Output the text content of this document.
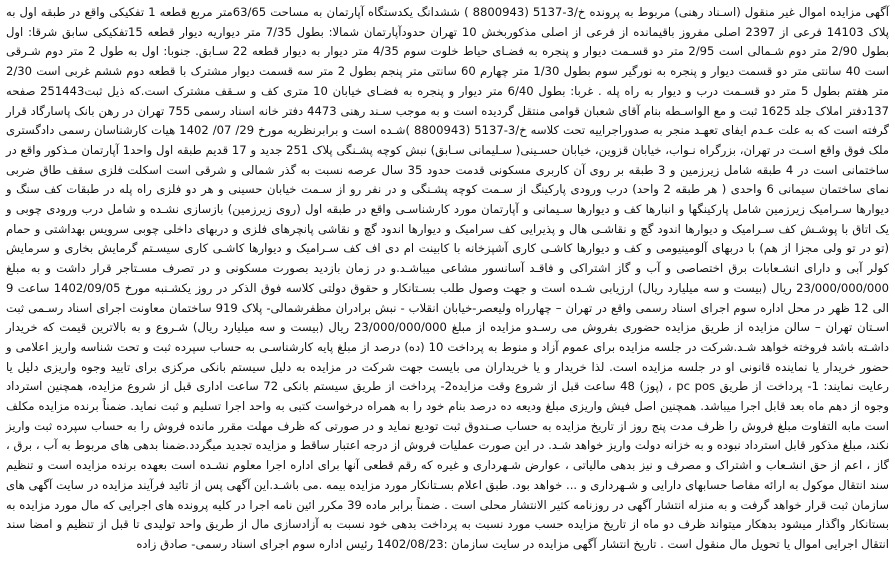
آگهی مزایده اموال غیر منقول (اسـناد رهنی) مربوط به پرونده خ/3-5137 (8800943 ) ششدانگ یکدستگاه آپارتمان به مساحت 63/65متر مربع قطعه 1 تفکیکی واقع در طبقه اول به پلاک 14103 فرعی از 2397 اصلی مفروز باقیمانده از فرعی از اصلی مذکوربخش 10 تهران حدودآپارتمان شمالا: بطول 7/35 متر دیواریه دیوار قطعه 15تفکیکی سابق شرقا: اول بطول 2/90 متر دوم شـمالی است 2/95 متر دو قسـمت دیوار و پنجره به فضـای حیاط خلوت سوم 4/35 متر دیوار به دیوار قطعه 22 سـابق. جنوبا: اول به طول 2 متر دوم شـرقی است 40 سانتی متر دو قسمت دیوار و پنجره به نورگیر سوم بطول 1/30 متر چهارم 60 سانتی متر پنجم بطول 2 متر سه قسمت دیوار مشترک با قطعه دوم ششم غربی است 2/30 متر هفتم بطول 5 متر دو قسـمت درب و دیوار به راه پله . غربا: بطول 6/40 متر دیوار و پنجره به فضـای خیابان 10 متری کف و سـقف مشترک است.که ذیل ثبت251443 صفحه 137دفتر املاک جلد 1625 ثبت و مع الواسـطه بنام آقای شعبان قوامی منتقل گردیده است و به موجب سـند رهنی 4473 دفتر خانه اسناد رسمی 755 تهران در رهن بانک پاسارگاد قرار گرفته است که به علت عـدم ایفای تعهـد منجر به صدوراجراییه تحت کلاسه خ/3-5137 (8800943 )شـده است و برابرنظریه مورخ 29/ 07/ 1402 هیات کارشناسان رسمی دادگستری ملک فوق واقع اسـت در تهران، بزرگراه نـواب، خیابان قزوین، خیابان حسـینی( سـلیمانی سـابق) نبش کوچه پشـنگی پلاک 251 جدید و 17 قدیم طبقه اول واحد1 آپارتمان مـذکور واقع در ساختمانی است در 4 طبقه شامل زیرزمین و 3 طبقه بر روی آن کاربری مسکونی قدمت حدود 35 سال عرصه نسبت به گذر شمالی و شرقی است اسکلت فلزی سقف طاق ضربی نمای ساختمان سیمانی 6 واحدی ( هر طبقه 2 واحد) درب ورودی پارکینگ از سـمت کوچه پشـنگی و در نفر رو از سـمت خیابان حسینی و هر دو فلزی راه پله در طبقات کف سنگ و دیوارها سـرامیک زیرزمین شامل پارکینگها و انبارها کف و دیوارها سـیمانی و آپارتمان مورد کارشناسـی واقع در طبقه اول (روی زیرزمین) بازسازی نشـده و شامل درب ورودی چوبی و یک اتاق با پوشـش کف سـرامیک و دیوارها اندود گچ و نقاشـی هال و پذیرایی کف سرامیک و دیوارها اندود گچ و نقاشی پانچرهای فلزی و دربهای داخلی چوبی سرویس بهداشتی و حمام (تو در تو ولی مجزا از هم) با دربهای آلومینیومی و کف و دیوارها کاشـی کاری آشپزخانه با کابینت ام دی اف کف سـرامیک و دیوارها کاشـی کاری سیسـتم گرمایش بخاری و سرمایش کولر آبی و دارای انشـعابات برق اختصاصی و آب و گاز اشتراکی و فاقـد آسانسور مشاعی میباشـد.و در زمان بازدید بصورت مسکونی و در تصرف مسـتاجر قرار داشت و به مبلغ 23/000/000/000 ریال (بیست و سه میلیارد ریال) ارزیابی شـده است و جهت وصول طلب بسـتانکار و حقوق دولتی کلاسه فوق الذکر در روز یکشـنبه مورخ 1402/09/05 ساعت 9 الی 12 ظهر در محل اداره سوم اجرای اسناد رسمی واقع در تهران – چهارراه ولیعصر-خیابان انقلاب - نبش برادران مظفرشمالی- پلاک 919 ساختمان معاونت اجرای اسناد رسـمی ثبت اسـتان تهران – سالن مزایده از طریق مزایده حضوری بفروش می رسـدو مزایده از مبلغ 23/000/000/000 ریال (بیست و سه میلیارد ریال) شـروع و به بالاترین قیمت که خریدار داشـته باشد فروخته خواهد شـد.شرکت در جلسه مزایده برای عموم آزاد و منوط به پرداخت 10 (ده) درصد از مبلغ پایه کارشناسـی به حساب سپرده ثبت و تحت شناسه واریز اعلامی و حضور خریدار یا نماینده قانونی او در جلسه مزایده است. لذا خریدار و یا خریداران می بایست جهت شرکت در مزایده به دلیل سیستم بانکی مرکزی برای تایید وجوه واریزی دلیل یا رعایت نمایند: 1- پرداخت از طریق pc pos ، (پوز) 48 ساعت قبل از شروع وقت مزایده2- پرداخت از طریق سیستم بانکی 72 ساعت اداری قبل از شروع مزایده، همچنین استرداد وجوه از دهم ماه بعد قابل اجرا میباشد. همچنین اصل فیش واریزی مبلغ ودیعه ده درصد بنام خود را به همراه درخواست کتبی به واحد اجرا تسلیم و ثبت نماید. ضمناً برنده مزایده مکلف است مابه التفاوت مبلغ فروش را ظرف مدت پنج روز از تاریخ مزایده به حساب صـندوق ثبت تودیع نماید و در صورتی که ظرف مهلت مقرر مانده فروش را به حساب سپرده ثبت واریز نکند، مبلغ مذکور قابل استرداد نبوده و به خزانه دولت واریز خواهد شـد. در این صورت عملیات فروش از درجه اعتبار ساقط و مزایده تجدید میگردد.ضمنا بدهی های مربوط به آب ، برق ، گاز ، اعم از حق انشـعاب و اشتراک و مصرف و نیز بدهی مالیاتی ، عوارض شـهرداری و غیره که رقم قطعی آنها برای اداره اجرا معلوم نشـده است بعهده برنده مزایده است و تنظیم سند انتقال موکول به ارائه مفاصا حسابهای دارایی و شـهرداری و ... خواهد بود. طبق اعلام بسـتانکار مورد مزایده بیمه .می باشـد.این آگهی پس از تائید فرآیند مزایده در سایت آگهی های سازمان ثبت قرار خواهد گرفت و به منزله انتشار آگهی در روزنامه کثیر الانتشار محلی است . ضمناً برابر ماده 39 مکرر ائین نامه اجرا در کلیه پرونده های اجرایی که مال مورد مزایده به بستانکار واگذار میشود بدهکار میتواند ظرف دو ماه از تاریخ مزایده حسب مورد نسبت به پرداخت بدهی خود نسبت به آزادسازی مال از طریق واحد تولیدی تا قبل از تنظیم و امضا سند انتقال اجرایی اموال یا تحویل مال منقول است . تاریخ انتشار آگهی مزایده در سایت سازمان :1402/08/23 رئیس اداره سوم اجرای اسناد رسمی- صادق زاده
